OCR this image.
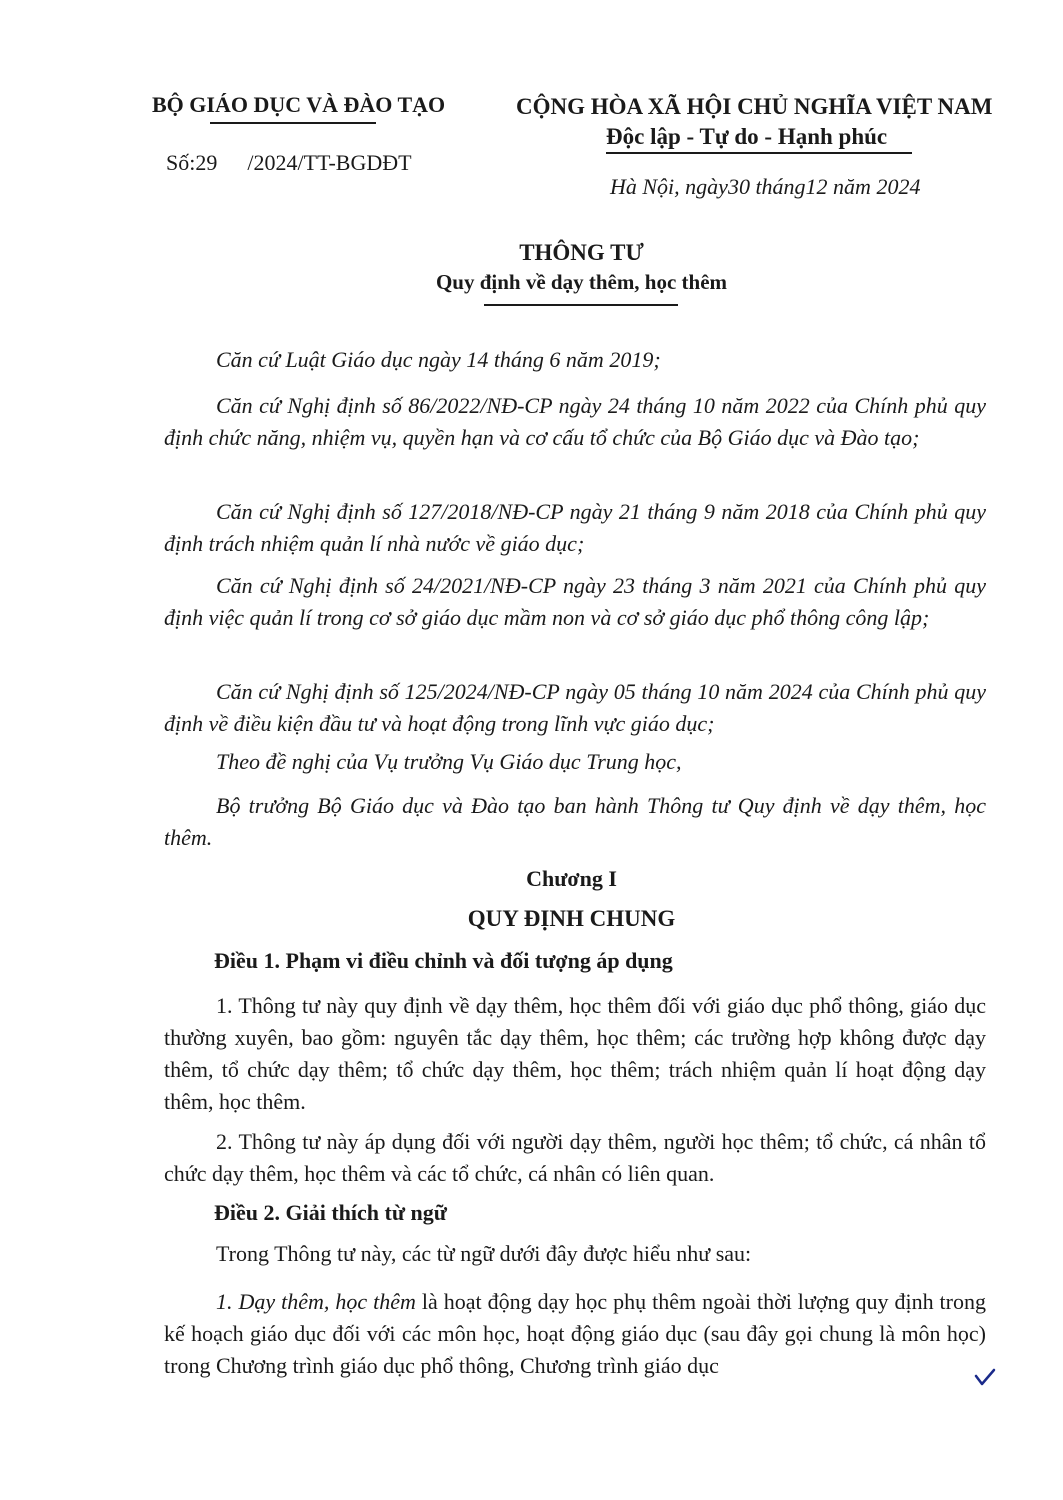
BỘ GIÁO DỤC VÀ ĐÀO TẠO	CỘNG HÒA XÃ HỘI CHỦ NGHĨA VIỆT NAM
Độc lập - Tự do - Hạnh phúc
Số:29 /2024/TT-BGDĐT
Hà Nội, ngày30 tháng12 năm 2024
THÔNG TƯ
Quy định về dạy thêm, học thêm
Căn cứ Luật Giáo dục ngày 14 tháng 6 năm 2019;
Căn cứ Nghị định số 86/2022/NĐ-CP ngày 24 tháng 10 năm 2022 của Chính phủ quy định chức năng, nhiệm vụ, quyền hạn và cơ cấu tổ chức của Bộ Giáo dục và Đào tạo;
Căn cứ Nghị định số 127/2018/NĐ-CP ngày 21 tháng 9 năm 2018 của Chính phủ quy định trách nhiệm quản lí nhà nước về giáo dục;
Căn cứ Nghị định số 24/2021/NĐ-CP ngày 23 tháng 3 năm 2021 của Chính phủ quy định việc quản lí trong cơ sở giáo dục mầm non và cơ sở giáo dục phổ thông công lập;
Căn cứ Nghị định số 125/2024/NĐ-CP ngày 05 tháng 10 năm 2024 của Chính phủ quy định về điều kiện đầu tư và hoạt động trong lĩnh vực giáo dục;
Theo đề nghị của Vụ trưởng Vụ Giáo dục Trung học,
Bộ trưởng Bộ Giáo dục và Đào tạo ban hành Thông tư Quy định về dạy thêm, học thêm.
Chương I
QUY ĐỊNH CHUNG
Điều 1. Phạm vi điều chỉnh và đối tượng áp dụng
1. Thông tư này quy định về dạy thêm, học thêm đối với giáo dục phổ thông, giáo dục thường xuyên, bao gồm: nguyên tắc dạy thêm, học thêm; các trường hợp không được dạy thêm, tổ chức dạy thêm; tổ chức dạy thêm, học thêm; trách nhiệm quản lí hoạt động dạy thêm, học thêm.
2. Thông tư này áp dụng đối với người dạy thêm, người học thêm; tổ chức, cá nhân tổ chức dạy thêm, học thêm và các tổ chức, cá nhân có liên quan.
Điều 2. Giải thích từ ngữ
Trong Thông tư này, các từ ngữ dưới đây được hiểu như sau:
1. Dạy thêm, học thêm là hoạt động dạy học phụ thêm ngoài thời lượng quy định trong kế hoạch giáo dục đối với các môn học, hoạt động giáo dục (sau đây gọi chung là môn học) trong Chương trình giáo dục phổ thông, Chương trình giáo dục
